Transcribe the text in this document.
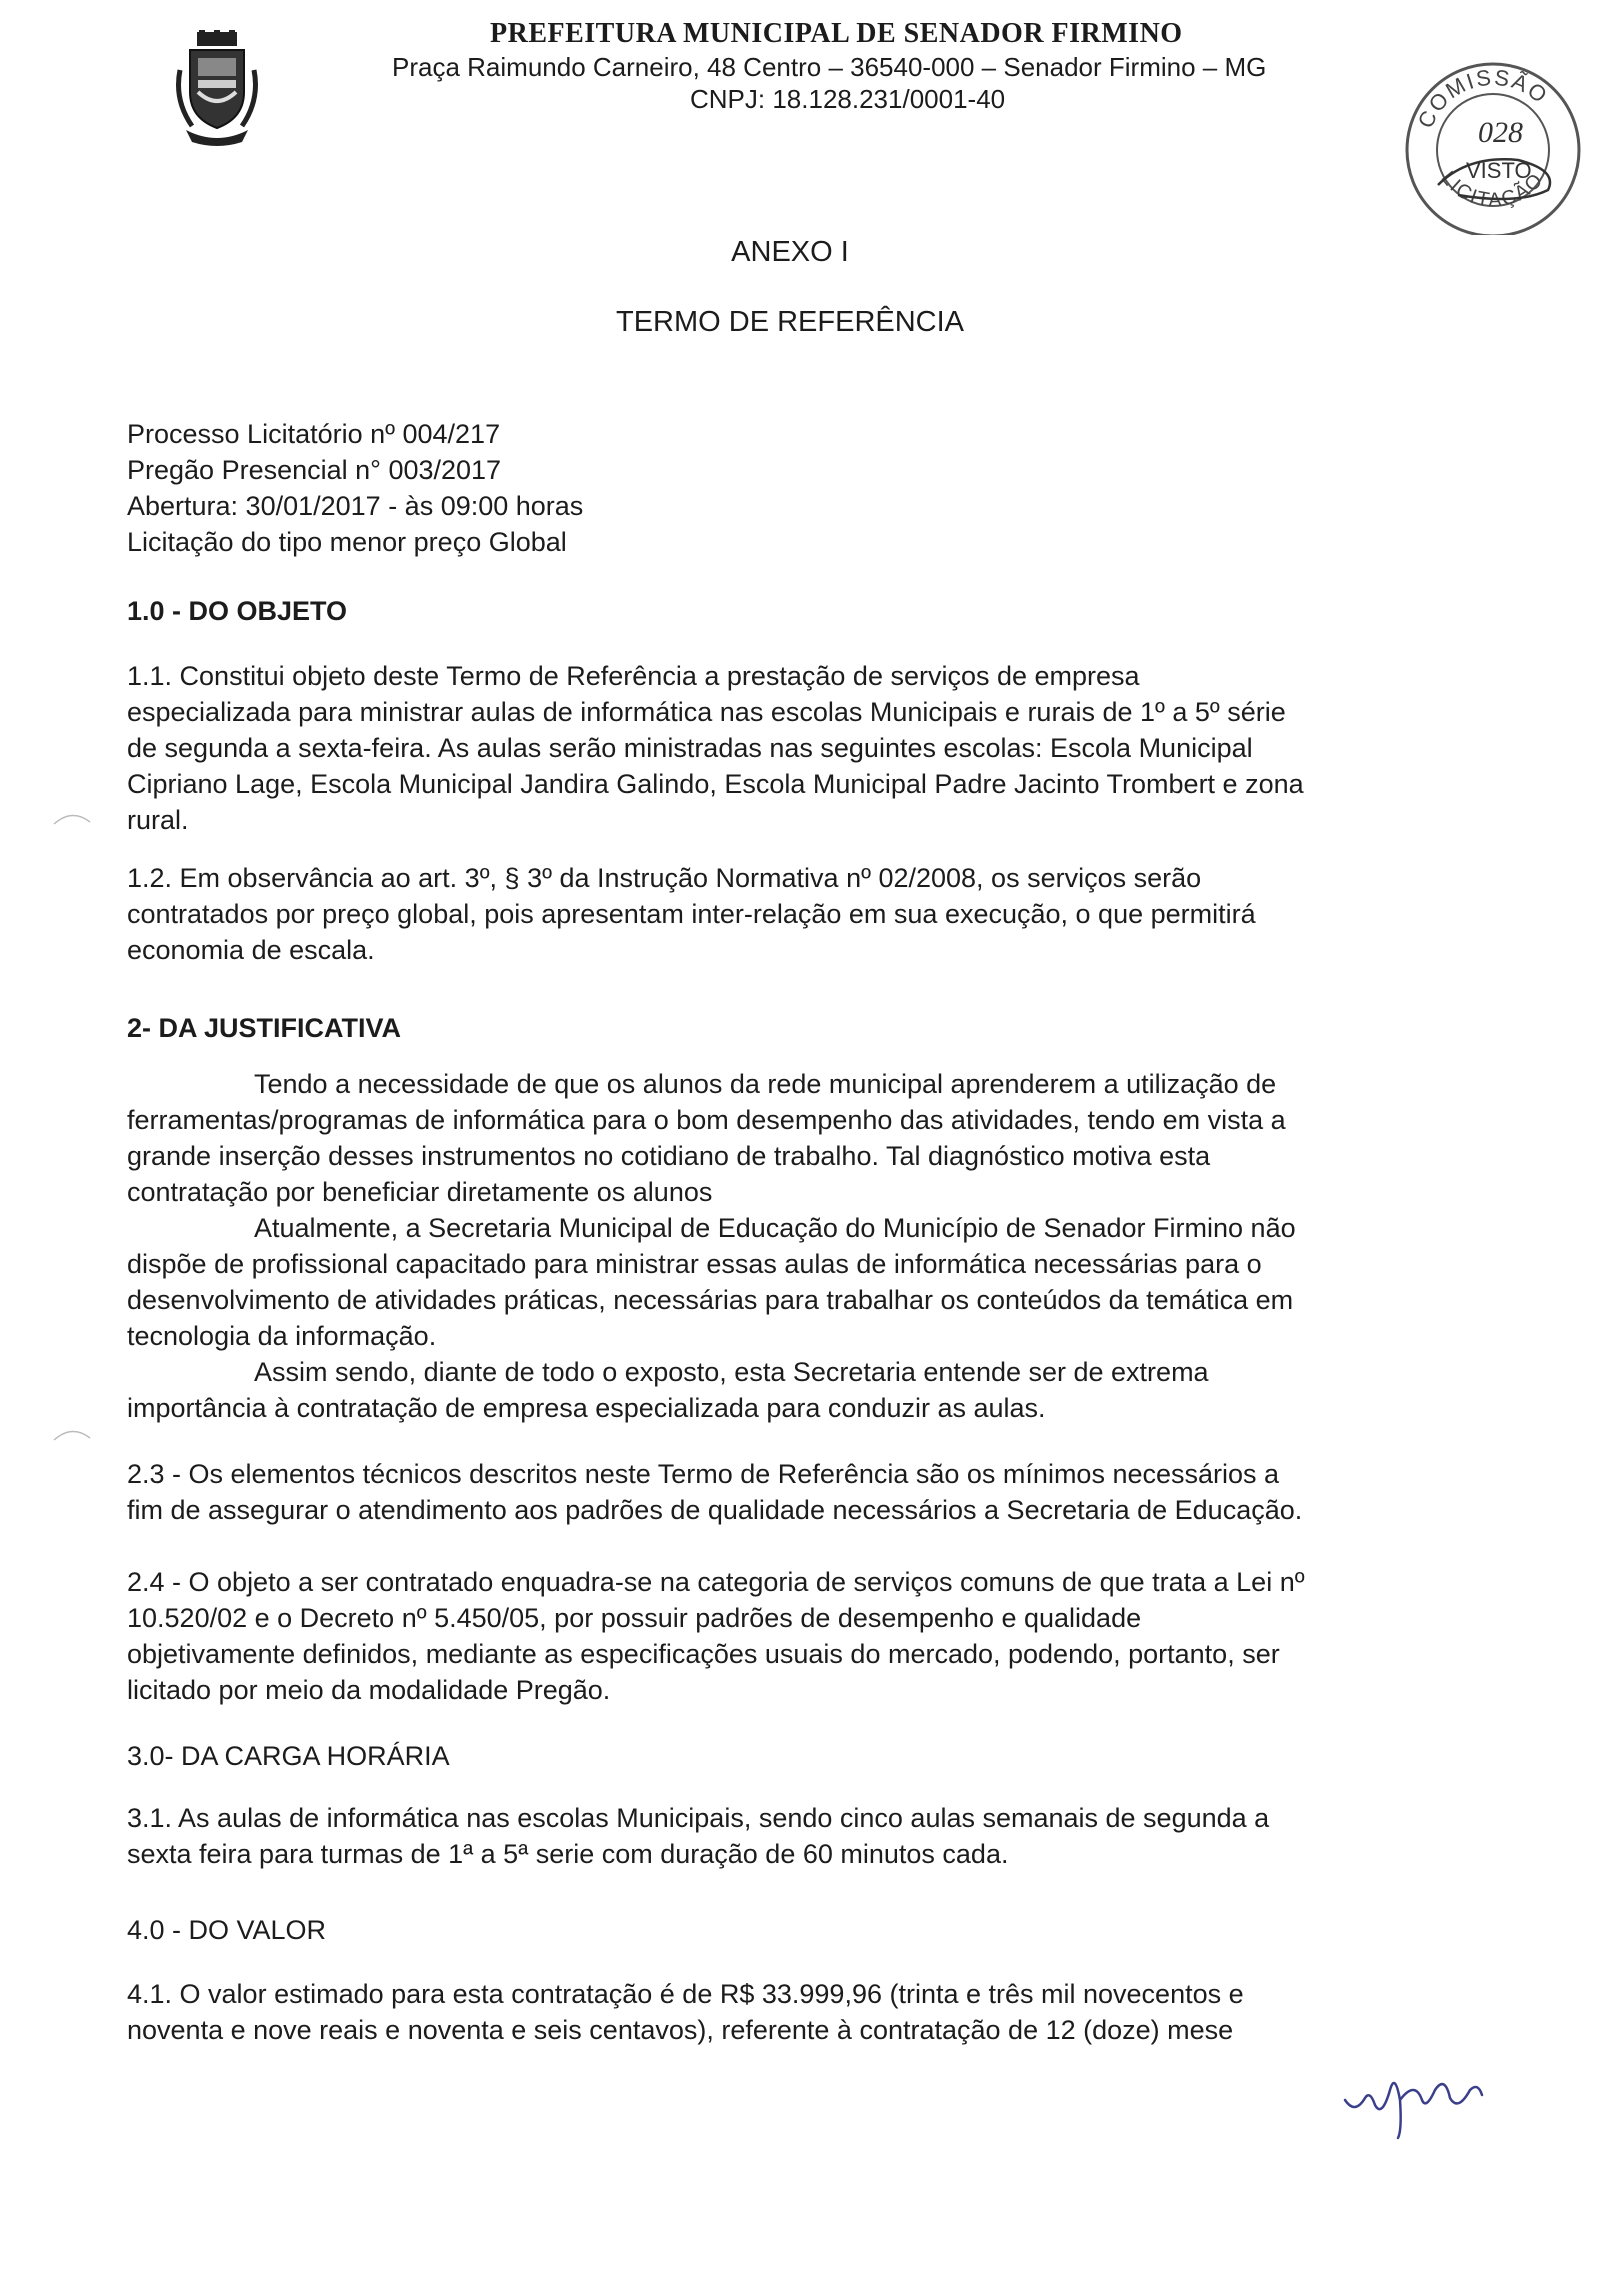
PREFEITURA MUNICIPAL DE SENADOR FIRMINO
Praça Raimundo Carneiro, 48 Centro – 36540-000 – Senador Firmino – MG
CNPJ: 18.128.231/0001-40
COMISSÃO
LICITAÇÃO
028
VISTO
ANEXO I
TERMO DE REFERÊNCIA
Processo Licitatório nº 004/217
Pregão Presencial n° 003/2017
Abertura: 30/01/2017 - às 09:00 horas
Licitação do tipo menor preço Global
1.0 - DO OBJETO
1.1. Constitui objeto deste Termo de Referência a prestação de serviços de empresa
especializada para ministrar aulas de informática nas escolas Municipais e rurais de 1º a 5º série
de segunda a sexta-feira. As aulas serão ministradas nas seguintes escolas: Escola Municipal
Cipriano Lage, Escola Municipal Jandira Galindo, Escola Municipal Padre Jacinto Trombert e zona
rural.
1.2. Em observância ao art. 3º, § 3º da Instrução Normativa nº 02/2008, os serviços serão
contratados por preço global, pois apresentam inter-relação em sua execução, o que permitirá
economia de escala.
2- DA JUSTIFICATIVA
Tendo a necessidade de que os alunos da rede municipal aprenderem a utilização de
ferramentas/programas de informática para o bom desempenho das atividades, tendo em vista a
grande inserção desses instrumentos no cotidiano de trabalho. Tal diagnóstico motiva esta
contratação por beneficiar diretamente os alunos
Atualmente, a Secretaria Municipal de Educação do Município de Senador Firmino não
dispõe de profissional capacitado para ministrar essas aulas de informática necessárias para o
desenvolvimento de atividades práticas, necessárias para trabalhar os conteúdos da temática em
tecnologia da informação.
Assim sendo, diante de todo o exposto, esta Secretaria entende ser de extrema
importância à contratação de empresa especializada para conduzir as aulas.
2.3 - Os elementos técnicos descritos neste Termo de Referência são os mínimos necessários a
fim de assegurar o atendimento aos padrões de qualidade necessários a Secretaria de Educação.
2.4 - O objeto a ser contratado enquadra-se na categoria de serviços comuns de que trata a Lei nº
10.520/02 e o Decreto nº 5.450/05, por possuir padrões de desempenho e qualidade
objetivamente definidos, mediante as especificações usuais do mercado, podendo, portanto, ser
licitado por meio da modalidade Pregão.
3.0- DA CARGA HORÁRIA
3.1. As aulas de informática nas escolas Municipais, sendo cinco aulas semanais de segunda a
sexta feira para turmas de 1ª a 5ª serie com duração de 60 minutos cada.
4.0 - DO VALOR
4.1. O valor estimado para esta contratação é de R$ 33.999,96 (trinta e três mil novecentos e
noventa e nove reais e noventa e seis centavos), referente à contratação de 12 (doze) mese
